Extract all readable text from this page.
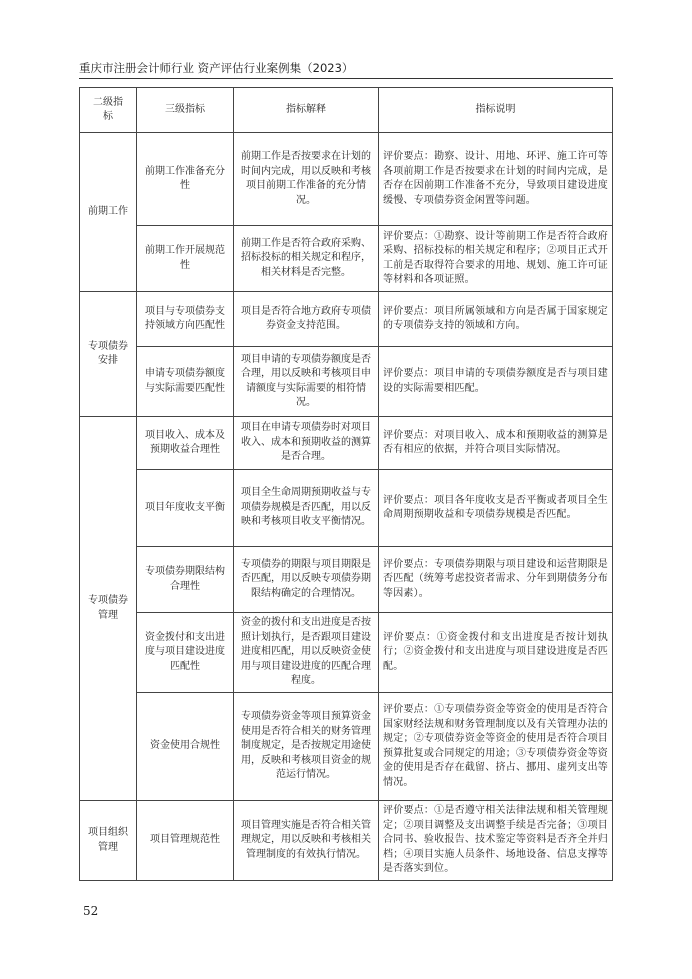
重庆市注册会计师行业 资产评估行业案例集（2023）
二级指标	三级指标	指标解释	指标说明
前期工作	前期工作准备充分性	前期工作是否按要求在计划的时间内完成，用以反映和考核项目前期工作准备的充分情况。	评价要点：勘察、设计、用地、环评、施工许可等各项前期工作是否按要求在计划的时间内完成，是否存在因前期工作准备不充分，导致项目建设进度缓慢、专项债券资金闲置等问题。
	前期工作开展规范性	前期工作是否符合政府采购、招标投标的相关规定和程序，相关材料是否完整。	评价要点：①勘察、设计等前期工作是否符合政府采购、招标投标的相关规定和程序；②项目正式开工前是否取得符合要求的用地、规划、施工许可证等材料和各项证照。
专项债券安排	项目与专项债券支持领域方向匹配性	项目是否符合地方政府专项债券资金支持范围。	评价要点：项目所属领域和方向是否属于国家规定的专项债券支持的领域和方向。
	申请专项债券额度与实际需要匹配性	项目申请的专项债券额度是否合理，用以反映和考核项目申请额度与实际需要的相符情况。	评价要点：项目申请的专项债券额度是否与项目建设的实际需要相匹配。
专项债券管理	项目收入、成本及预期收益合理性	项目在申请专项债券时对项目收入、成本和预期收益的测算是否合理。	评价要点：对项目收入、成本和预期收益的测算是否有相应的依据，并符合项目实际情况。
	项目年度收支平衡	项目全生命周期预期收益与专项债券规模是否匹配，用以反映和考核项目收支平衡情况。	评价要点：项目各年度收支是否平衡或者项目全生命周期预期收益和专项债券规模是否匹配。
	专项债券期限结构合理性	专项债券的期限与项目期限是否匹配，用以反映专项债券期限结构确定的合理情况。	评价要点：专项债券期限与项目建设和运营期限是否匹配（统筹考虑投资者需求、分年到期债务分布等因素）。
	资金拨付和支出进度与项目建设进度匹配性	资金的拨付和支出进度是否按照计划执行，是否跟项目建设进度相匹配，用以反映资金使用与项目建设进度的匹配合理程度。	评价要点：①资金拨付和支出进度是否按计划执行；②资金拨付和支出进度与项目建设进度是否匹配。
	资金使用合规性	专项债券资金等项目预算资金使用是否符合相关的财务管理制度规定，是否按规定用途使用，反映和考核项目资金的规范运行情况。	评价要点：①专项债券资金等资金的使用是否符合国家财经法规和财务管理制度以及有关管理办法的规定；②专项债券资金等资金的使用是否符合项目预算批复或合同规定的用途；③专项债券资金等资金的使用是否存在截留、挤占、挪用、虚列支出等情况。
项目组织管理	项目管理规范性	项目管理实施是否符合相关管理规定，用以反映和考核相关管理制度的有效执行情况。	评价要点：①是否遵守相关法律法规和相关管理规定；②项目调整及支出调整手续是否完备；③项目合同书、验收报告、技术鉴定等资料是否齐全并归档；④项目实施人员条件、场地设备、信息支撑等是否落实到位。
52
